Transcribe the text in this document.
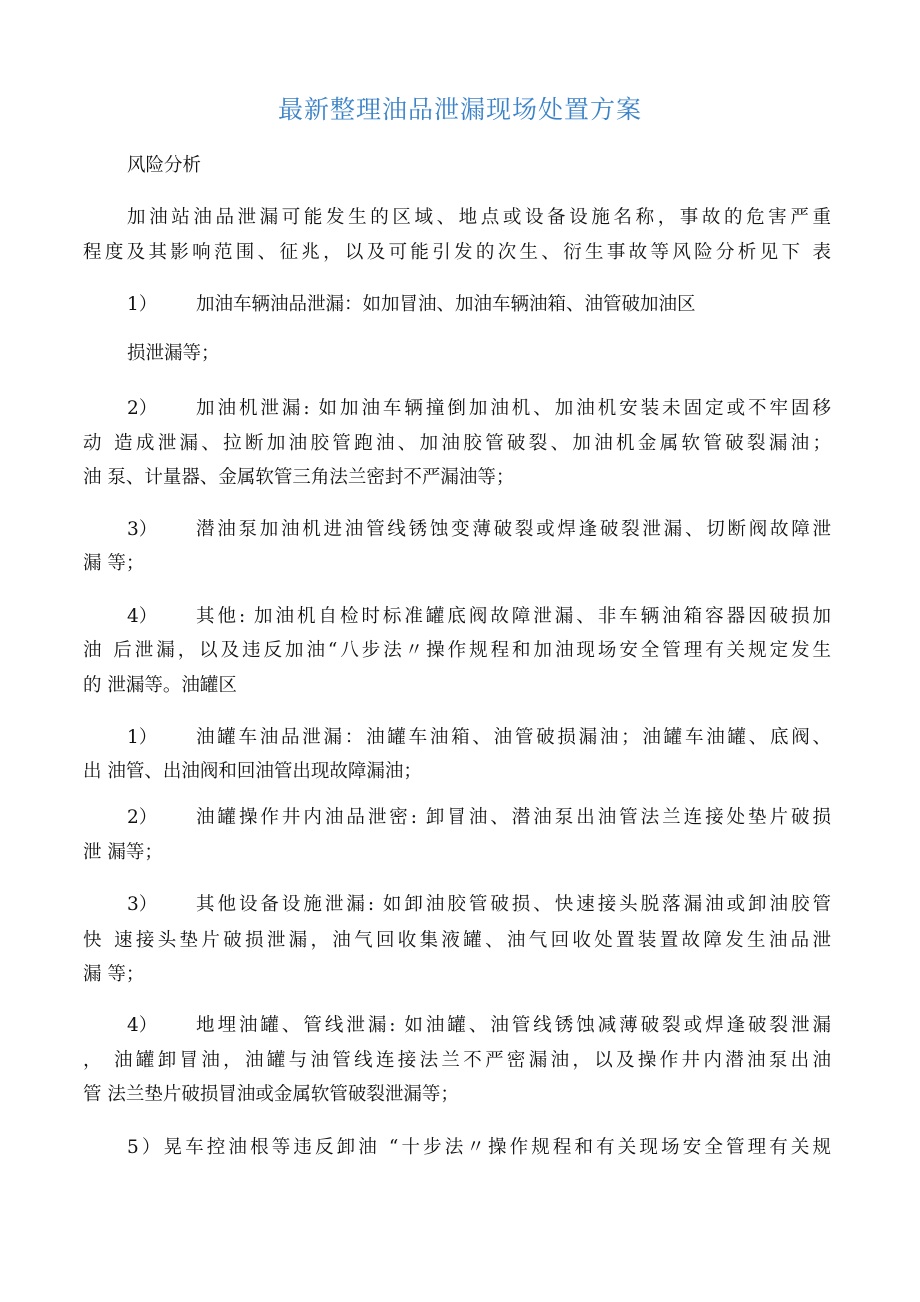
最新整理油品泄漏现场处置方案
风险分析
加油站油品泄漏可能发生的区域、地点或设备设施名称，事故的危害严重
程度及其影响范围、征兆，以及可能引发的次生、衍生事故等风险分析见下 表
1） 加油车辆油品泄漏：如加冒油、加油车辆油箱、油管破加油区
损泄漏等；
2） 加油机泄漏: 如加油车辆撞倒加油机、加油机安装未固定或不牢固移
动 造成泄漏、拉断加油胶管跑油、加油胶管破裂、加油机金属软管破裂漏油；
油 泵、计量器、金属软管三角法兰密封不严漏油等；
3） 潜油泵加油机进油管线锈蚀变薄破裂或焊逢破裂泄漏、切断阀故障泄
漏 等；
4） 其他: 加油机自检时标准罐底阀故障泄漏、非车辆油箱容器因破损加
油 后泄漏，以及违反加油“八步法〃操作规程和加油现场安全管理有关规定发生
的 泄漏等。油罐区
1） 油罐车油品泄漏：油罐车油箱、油管破损漏油；油罐车油罐、底阀、
出 油管、出油阀和回油管出现故障漏油；
2） 油罐操作井内油品泄密: 卸冒油、潜油泵出油管法兰连接处垫片破损
泄 漏等；
3） 其他设备设施泄漏: 如卸油胶管破损、快速接头脱落漏油或卸油胶管
快 速接头垫片破损泄漏，油气回收集液罐、油气回收处置装置故障发生油品泄
漏 等；
4） 地埋油罐、管线泄漏: 如油罐、油管线锈蚀减薄破裂或焊逢破裂泄漏
， 油罐卸冒油，油罐与油管线连接法兰不严密漏油，以及操作井内潜油泵出油
管 法兰垫片破损冒油或金属软管破裂泄漏等；
5）晃车控油根等违反卸油 “十步法〃操作规程和有关现场安全管理有关规
